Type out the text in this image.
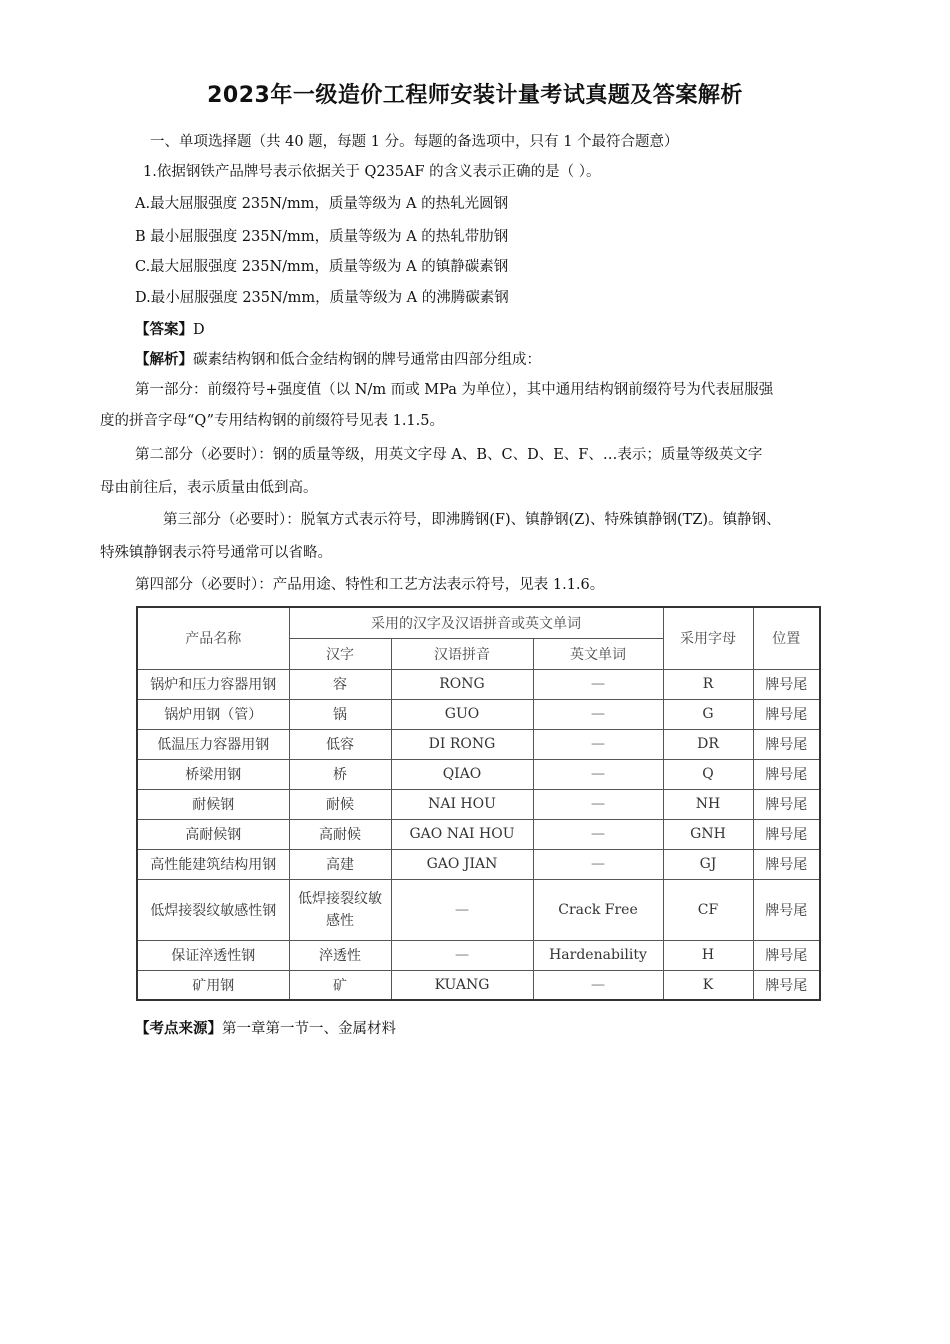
2023年一级造价工程师安装计量考试真题及答案解析
一、单项选择题（共 40 题，每题 1 分。每题的备选项中，只有 1 个最符合题意）
1.依据钢铁产品牌号表示依据关于 Q235AF 的含义表示正确的是（ ）。
A.最大屈服强度 235N/mm，质量等级为 A 的热轧光圆钢
B 最小屈服强度 235N/mm，质量等级为 A 的热轧带肋钢
C.最大屈服强度 235N/mm，质量等级为 A 的镇静碳素钢
D.最小屈服强度 235N/mm，质量等级为 A 的沸腾碳素钢
【答案】D
【解析】碳素结构钢和低合金结构钢的牌号通常由四部分组成：
第一部分：前缀符号+强度值（以 N/m 而或 MPa 为单位），其中通用结构钢前缀符号为代表屈服强
度的拼音字母“Q”专用结构钢的前缀符号见表 1.1.5。
第二部分（必要时）：钢的质量等级，用英文字母 A、B、C、D、E、F、…表示；质量等级英文字
母由前往后，表示质量由低到高。
第三部分（必要时）：脱氧方式表示符号，即沸腾钢(F)、镇静钢(Z)、特殊镇静钢(TZ)。镇静钢、
特殊镇静钢表示符号通常可以省略。
第四部分（必要时）：产品用途、特性和工艺方法表示符号，见表 1.1.6。
产品名称	采用的汉字及汉语拼音或英文单词			采用字母	位置
	汉字	汉语拼音	英文单词		
锅炉和压力容器用钢	容	RONG	—	R	牌号尾
锅炉用钢（管）	锅	GUO	—	G	牌号尾
低温压力容器用钢	低容	DI RONG	—	DR	牌号尾
桥梁用钢	桥	QIAO	—	Q	牌号尾
耐候钢	耐候	NAI HOU	—	NH	牌号尾
高耐候钢	高耐候	GAO NAI HOU	—	GNH	牌号尾
高性能建筑结构用钢	高建	GAO JIAN	—	GJ	牌号尾
低焊接裂纹敏感性钢	低焊接裂纹敏感性	—	Crack Free	CF	牌号尾
保证淬透性钢	淬透性	—	Hardenability	H	牌号尾
矿用钢	矿	KUANG	—	K	牌号尾
【考点来源】第一章第一节一、金属材料
